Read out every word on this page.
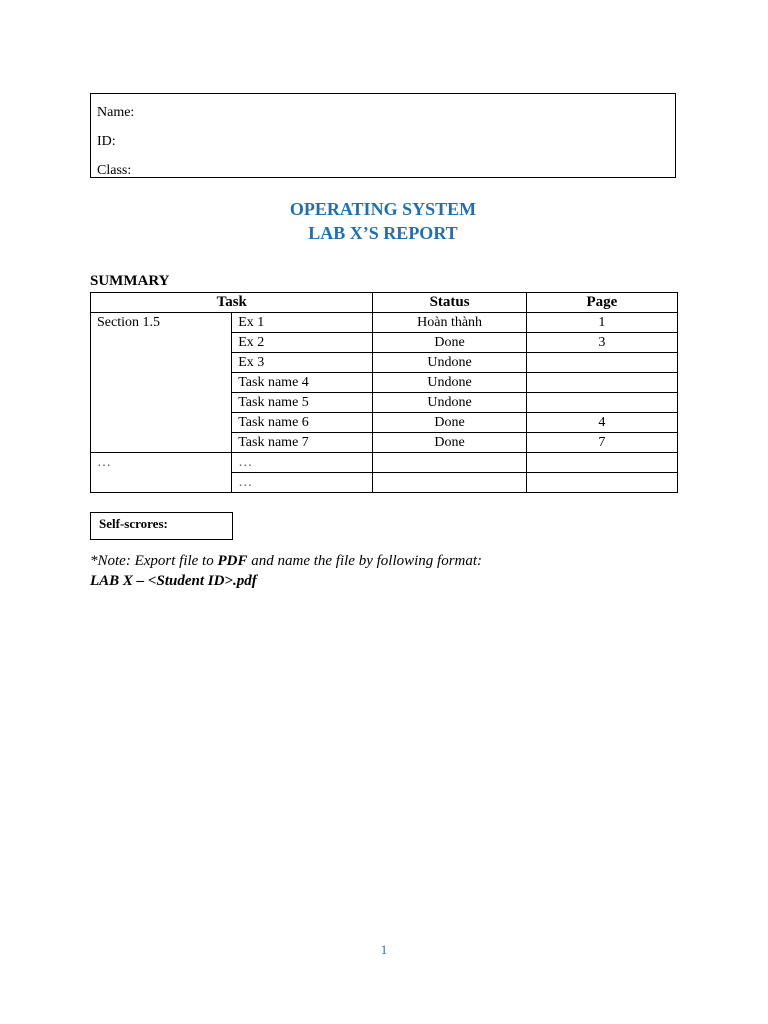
Name:
ID:
Class:
OPERATING SYSTEM
LAB X’S REPORT
SUMMARY
Task		Status	Page
Section 1.5	Ex 1	Hoàn thành	1
	Ex 2	Done	3
	Ex 3	Undone	
	Task name 4	Undone	
	Task name 5	Undone	
	Task name 6	Done	4
	Task name 7	Done	7
…	…		
	…		
Self-scrores:
*Note: Export file to PDF and name the file by following format:
LAB X – <Student ID>.pdf
1
